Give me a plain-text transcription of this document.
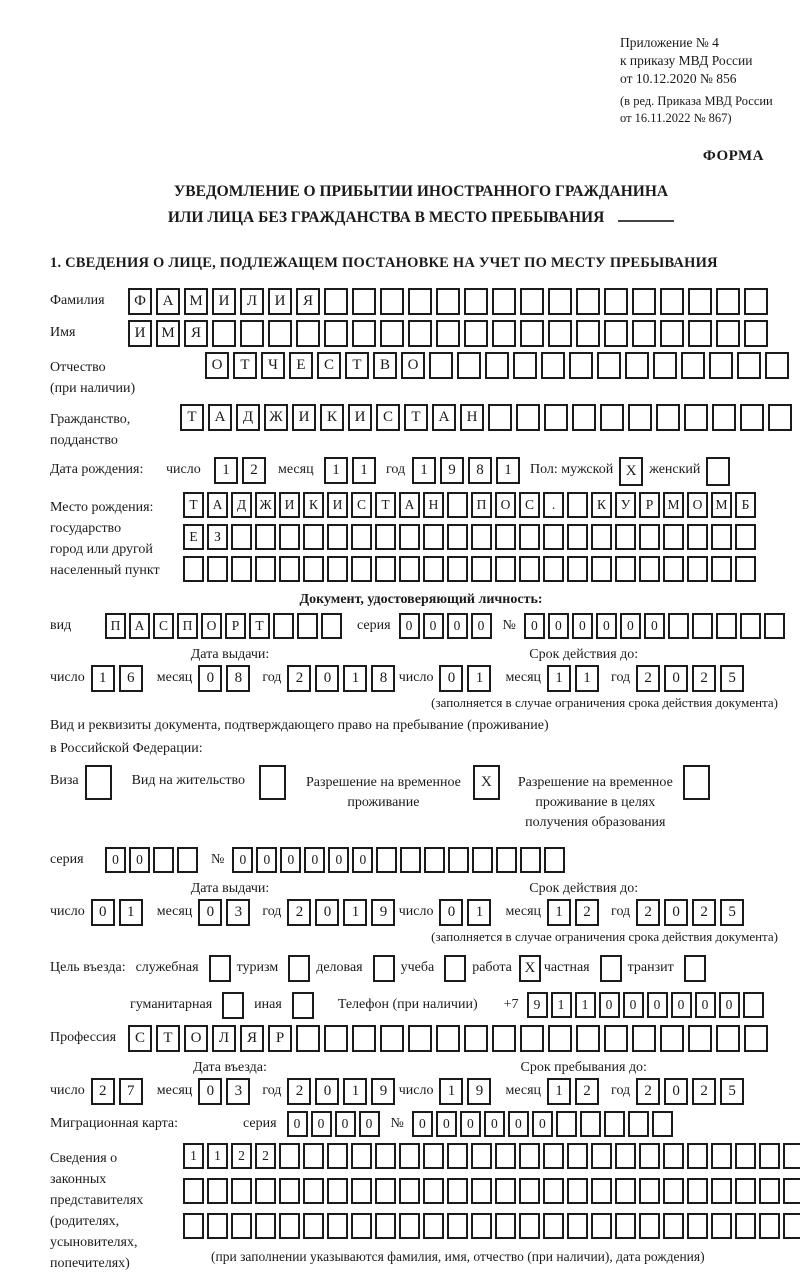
Приложение № 4
к приказу МВД России
от 10.12.2020 № 856
(в ред. Приказа МВД России
от 16.11.2022 № 867)
ФОРМА
УВЕДОМЛЕНИЕ О ПРИБЫТИИ ИНОСТРАННОГО ГРАЖДАНИНА
ИЛИ ЛИЦА БЕЗ ГРАЖДАНСТВА В МЕСТО ПРЕБЫВАНИЯ
1. СВЕДЕНИЯ О ЛИЦЕ, ПОДЛЕЖАЩЕМ ПОСТАНОВКЕ НА УЧЕТ ПО МЕСТУ ПРЕБЫВАНИЯ
Фамилия	Ф	А	М	И	Л	И	Я
Имя	И	М	Я
Отчество
(при наличии)
О	Т	Ч	Е	С	Т	В	О
Гражданство,
подданство
Т	А	Д	Ж	И	К	И	С	Т	А	Н
Дата рождения:	число	1	2	месяц	1	1	год	1	9	8	1	Пол: мужской X женский
Место рождения:
государство
город или другой
населенный пункт
Т	А	Д Ж И	К	И	С	Т	А	Н	П	О	С	.	К	У	Р	М О М	Б
Е	З
Документ, удостоверяющий личность:
вид	П	А	С	П	О	Р	Т	серия	0	0	0	0	№	0	0	0	0	0	0
Дата выдачи:
число 1	6	месяц 0	8	год 2	0	1	8
Срок действия до:
число 0	1	месяц 1	1	год 2	0	2	5
(заполняется в случае ограничения срока действия документа)
Вид и реквизиты документа, подтверждающего право на пребывание (проживание)
в Российской Федерации:
Виза	Вид на жительство	Разрешение на временное
проживание
X	Разрешение на временное
проживание в целях
получения образования
серия	0	0	№	0	0	0	0	0	0
Дата выдачи:
число 0	1	месяц 0	3	год 2	0	1	9
Срок действия до:
число 0	1	месяц 1	2	год 2	0	2	5
(заполняется в случае ограничения срока действия документа)
Цель въезда: служебная	туризм	деловая	учеба	работа X частная	транзит
гуманитарная	иная	Телефон (при наличии)	+7	9	1	1	0	0	0	0	0	0
Профессия	С	Т	О	Л	Я	Р
Дата въезда:
число 2	7	месяц 0	3	год 2	0	1	9
Срок пребывания до:
число 1	9	месяц 1	2	год 2	0	2	5
Миграционная карта:	серия	0	0	0	0	№	0	0	0	0	0	0
Сведения о
законных
представителях
(родителях,
усыновителях,
попечителях)
1	1	2	2
(при заполнении указываются фамилия, имя, отчество (при наличии), дата рождения)
